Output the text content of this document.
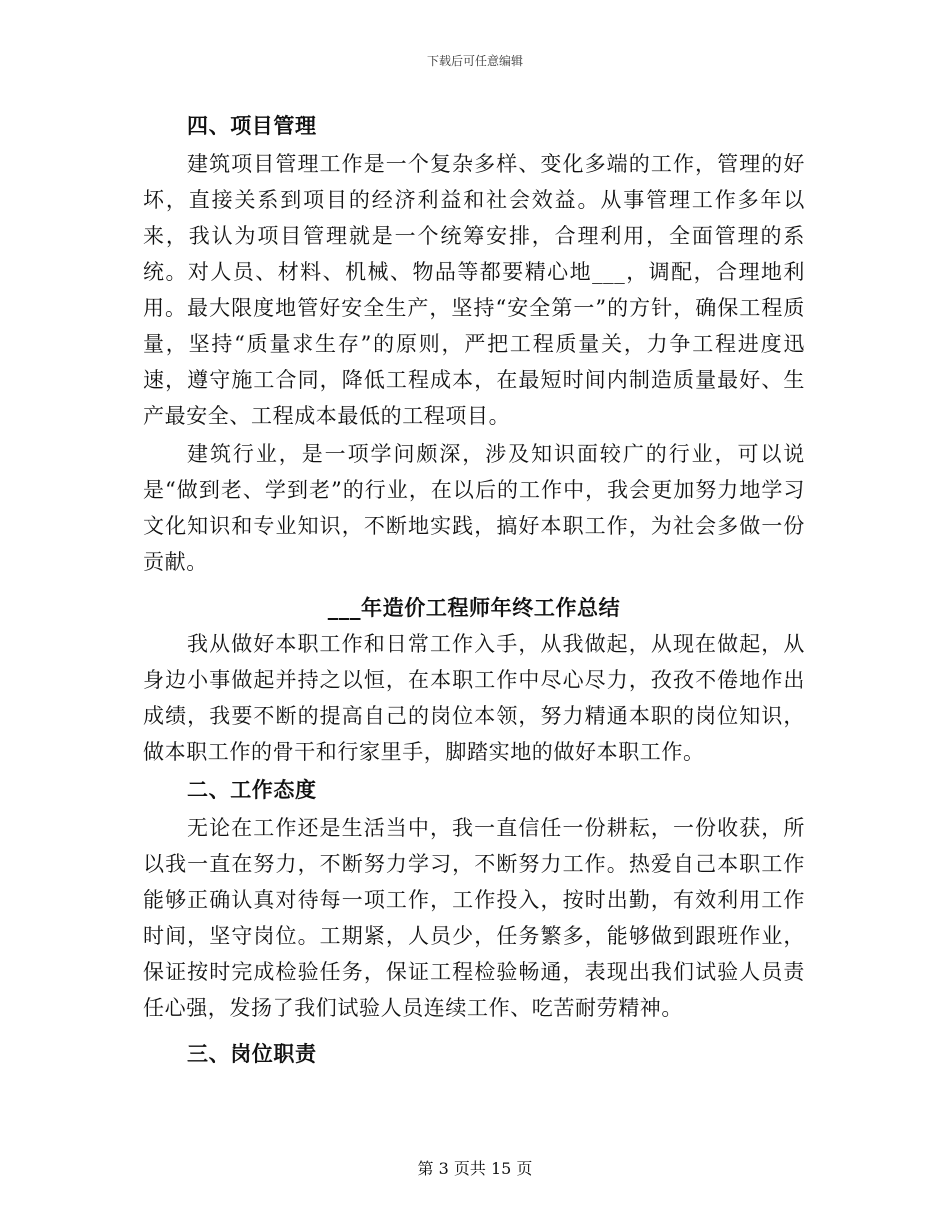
下载后可任意编辑

四、项目管理

建筑项目管理工作是一个复杂多样、变化多端的工作，管理的好坏，直接关系到项目的经济利益和社会效益。从事管理工作多年以来，我认为项目管理就是一个统筹安排，合理利用，全面管理的系统。对人员、材料、机械、物品等都要精心地___，调配，合理地利用。最大限度地管好安全生产，坚持“安全第一”的方针，确保工程质量，坚持“质量求生存”的原则，严把工程质量关，力争工程进度迅速，遵守施工合同，降低工程成本，在最短时间内制造质量最好、生产最安全、工程成本最低的工程项目。

建筑行业，是一项学问颇深，涉及知识面较广的行业，可以说是“做到老、学到老”的行业，在以后的工作中，我会更加努力地学习文化知识和专业知识，不断地实践，搞好本职工作，为社会多做一份贡献。

___年造价工程师年终工作总结

我从做好本职工作和日常工作入手，从我做起，从现在做起，从身边小事做起并持之以恒，在本职工作中尽心尽力，孜孜不倦地作出成绩，我要不断的提高自己的岗位本领，努力精通本职的岗位知识，做本职工作的骨干和行家里手，脚踏实地的做好本职工作。

二、工作态度

无论在工作还是生活当中，我一直信任一份耕耘，一份收获，所以我一直在努力，不断努力学习，不断努力工作。热爱自己本职工作能够正确认真对待每一项工作，工作投入，按时出勤，有效利用工作时间，坚守岗位。工期紧，人员少，任务繁多，能够做到跟班作业，保证按时完成检验任务，保证工程检验畅通，表现出我们试验人员责任心强，发扬了我们试验人员连续工作、吃苦耐劳精神。

三、岗位职责

第 3 页共 15 页
